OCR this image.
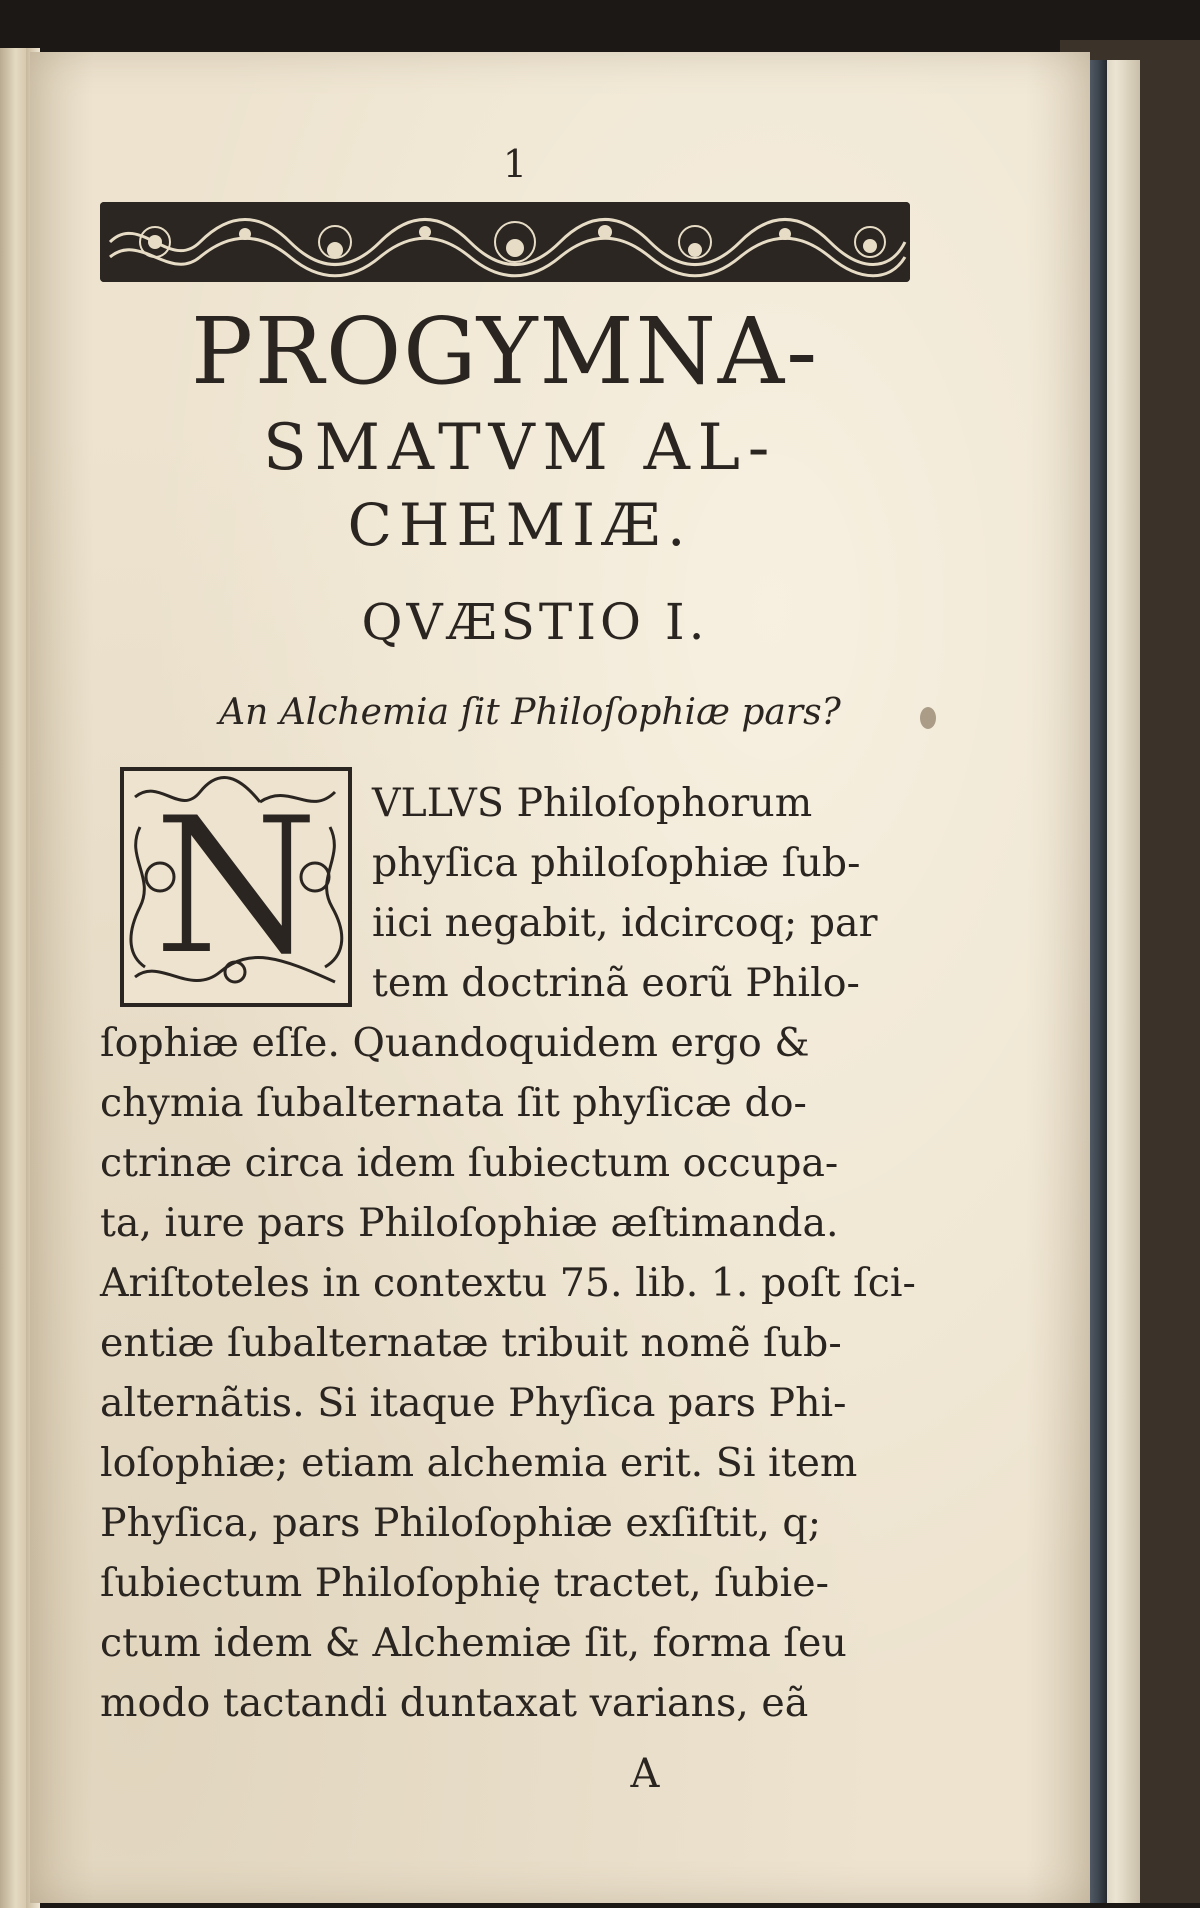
1
PROGYMNA-
SMATVM AL-
CHEMIÆ.
QVÆSTIO I.
An Alchemia ſit Philoſophiæ pars?
N VLLVS Philoſophorum
phyſica philoſophiæ ſub-
iici negabit, idcircoq; par
tem doctrinã eorũ Philo-
ſophiæ eſſe. Quandoquidem ergo &
chymia ſubalternata ſit phyſicæ do-
ctrinæ circa idem ſubiectum occupa-
ta, iure pars Philoſophiæ æſtimanda.
Ariſtoteles in contextu 75. lib. 1. poſt ſci-
entiæ ſubalternatæ tribuit nomẽ ſub-
alternãtis. Si itaque Phyſica pars Phi-
loſophiæ; etiam alchemia erit. Si item
Phyſica, pars Philoſophiæ exſiſtit, q;
ſubiectum Philoſophię tractet, ſubie-
ctum idem & Alchemiæ ſit, forma ſeu
modo tactandi duntaxat varians, eã
A
